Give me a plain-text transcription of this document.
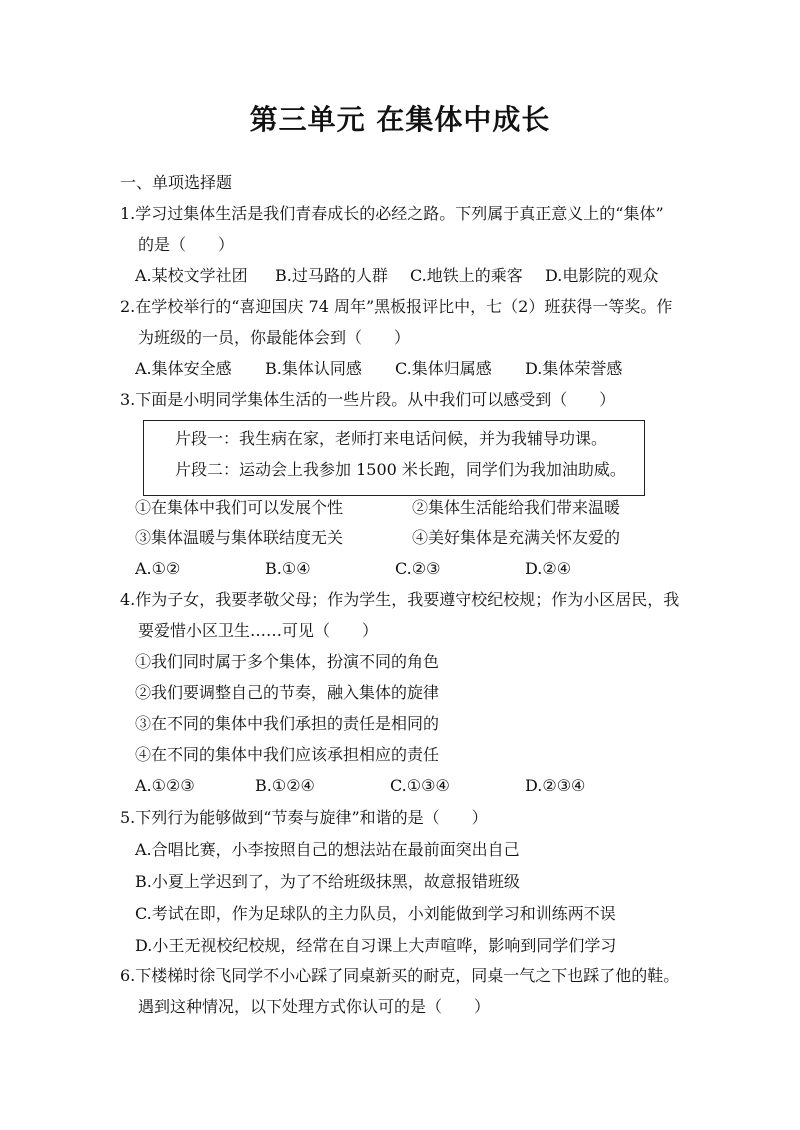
第三单元 在集体中成长
一、单项选择题
1.学习过集体生活是我们青春成长的必经之路。下列属于真正意义上的“集体”
的是（　　）
A.某校文学社团 B.过马路的人群 C.地铁上的乘客 D.电影院的观众
2.在学校举行的“喜迎国庆 74 周年”黑板报评比中，七（2）班获得一等奖。作
为班级的一员，你最能体会到（　　）
A.集体安全感 B.集体认同感 C.集体归属感 D.集体荣誉感
3.下面是小明同学集体生活的一些片段。从中我们可以感受到（　　）
片段一：我生病在家，老师打来电话问候，并为我辅导功课。
片段二：运动会上我参加 1500 米长跑，同学们为我加油助威。
①在集体中我们可以发展个性	②集体生活能给我们带来温暖
③集体温暖与集体联结度无关	④美好集体是充满关怀友爱的
A.①②	B.①④	C.②③	D.②④
4.作为子女，我要孝敬父母；作为学生，我要遵守校纪校规；作为小区居民，我
要爱惜小区卫生……可见（　　）
①我们同时属于多个集体，扮演不同的角色
②我们要调整自己的节奏，融入集体的旋律
③在不同的集体中我们承担的责任是相同的
④在不同的集体中我们应该承担相应的责任
A.①②③	B.①②④	C.①③④	D.②③④
5.下列行为能够做到“节奏与旋律”和谐的是（　　）
A.合唱比赛，小李按照自己的想法站在最前面突出自己
B.小夏上学迟到了，为了不给班级抹黑，故意报错班级
C.考试在即，作为足球队的主力队员，小刘能做到学习和训练两不误
D.小王无视校纪校规，经常在自习课上大声喧哗，影响到同学们学习
6.下楼梯时徐飞同学不小心踩了同桌新买的耐克，同桌一气之下也踩了他的鞋。
遇到这种情况，以下处理方式你认可的是（　　）
